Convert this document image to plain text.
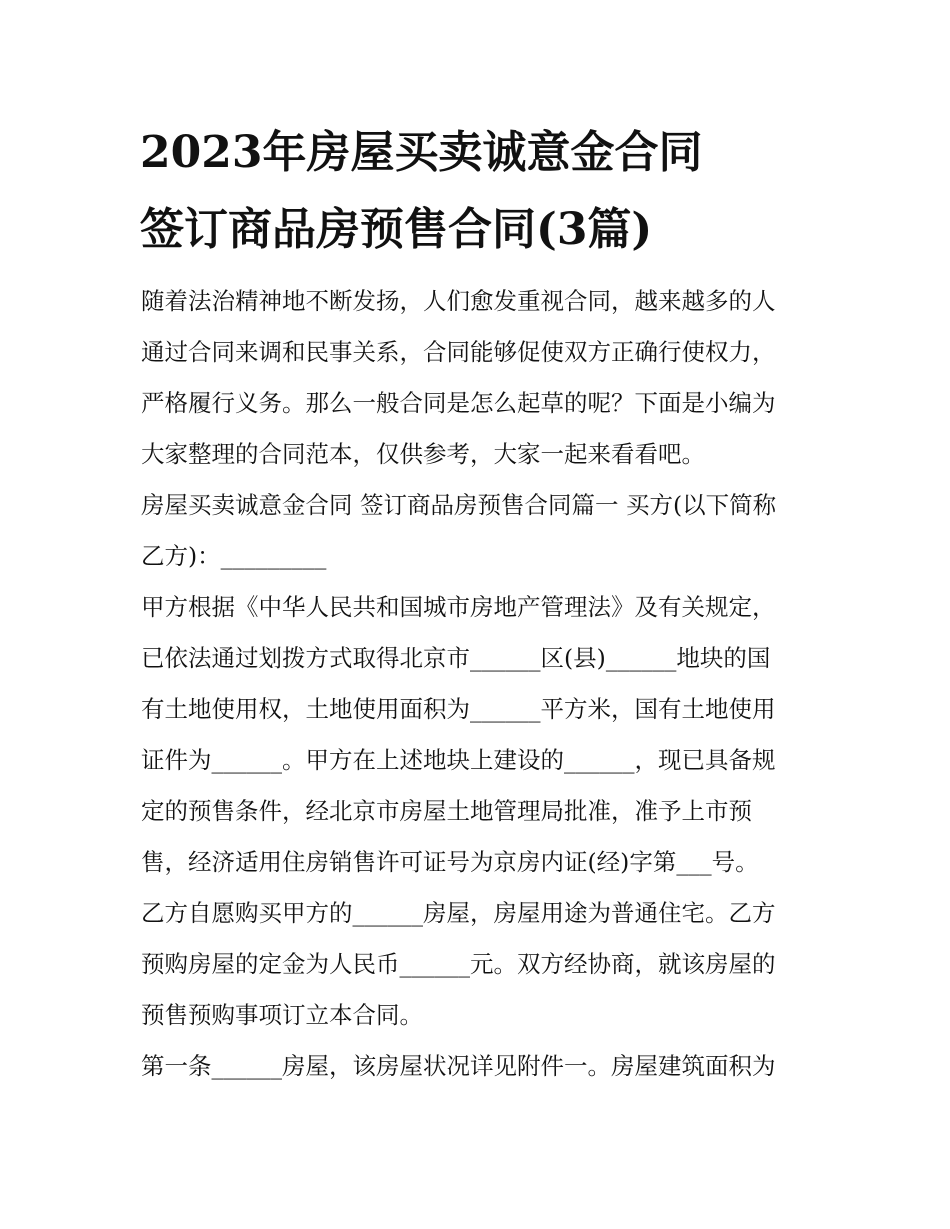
2023年房屋买卖诚意金合同
签订商品房预售合同(3篇)
随着法治精神地不断发扬，人们愈发重视合同，越来越多的人
通过合同来调和民事关系，合同能够促使双方正确行使权力，
严格履行义务。那么一般合同是怎么起草的呢？下面是小编为
大家整理的合同范本，仅供参考，大家一起来看看吧。
房屋买卖诚意金合同 签订商品房预售合同篇一 买方(以下简称
乙方)：_________
甲方根据《中华人民共和国城市房地产管理法》及有关规定，
已依法通过划拨方式取得北京市______区(县)______地块的国
有土地使用权，土地使用面积为______平方米，国有土地使用
证件为______。甲方在上述地块上建设的______，现已具备规
定的预售条件，经北京市房屋土地管理局批准，准予上市预
售，经济适用住房销售许可证号为京房内证(经)字第___号。
乙方自愿购买甲方的______房屋，房屋用途为普通住宅。乙方
预购房屋的定金为人民币______元。双方经协商，就该房屋的
预售预购事项订立本合同。
第一条______房屋，该房屋状况详见附件一。房屋建筑面积为
